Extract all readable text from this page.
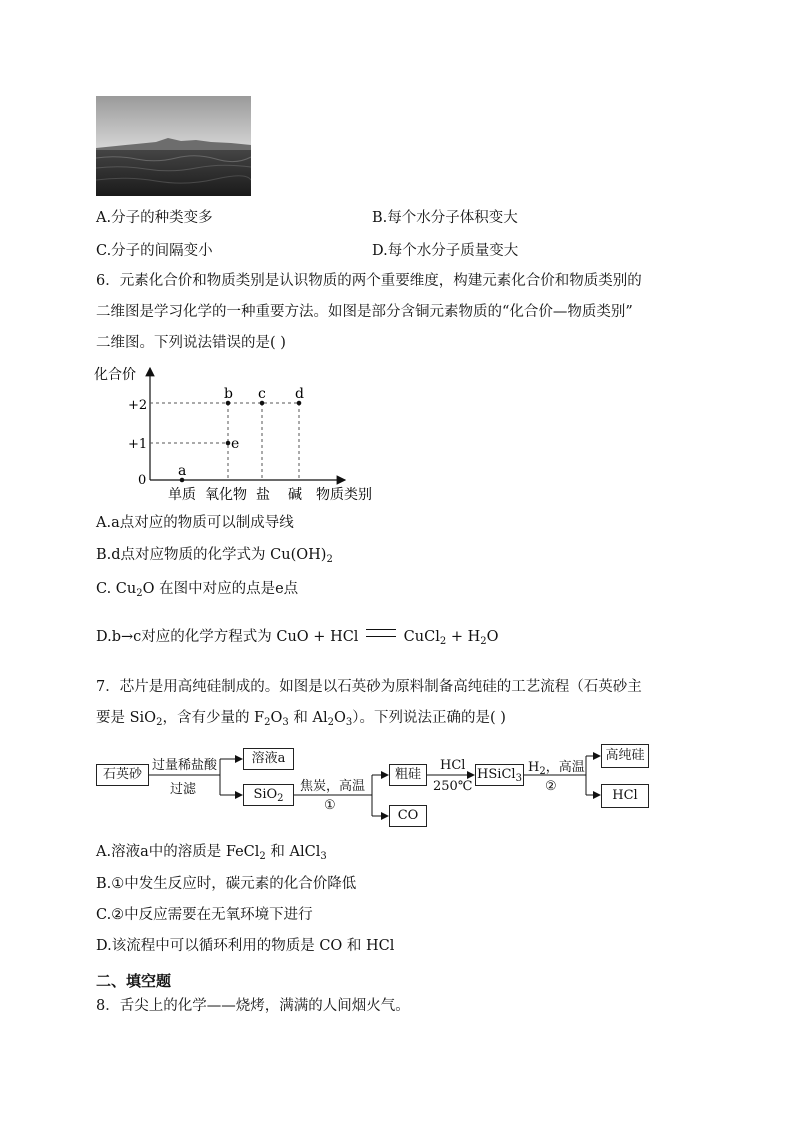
A.分子的种类变多	B.每个水分子体积变大
C.分子的间隔变小	D.每个水分子质量变大
6．元素化合价和物质类别是认识物质的两个重要维度，构建元素化合价和物质类别的
二维图是学习化学的一种重要方法。如图是部分含铜元素物质的“化合价—物质类别”
二维图。下列说法错误的是( )
a
b c d
e
化合价
+2
+1
0
单质 氧化物 盐 碱 物质类别
A.a点对应的物质可以制成导线
B.d点对应物质的化学式为 $Cu(OH)_2$
C. $Cu_2O$ 在图中对应的点是e点
D.b→c对应的化学方程式为 CuO + HCl	CuCl$_2$ + $H_2O$
7．芯片是用高纯硅制成的。如图是以石英砂为原料制备高纯硅的工艺流程（石英砂主
要是 SiO$_2$，含有少量的 $F_2O_3$ 和 $Al_2O_3$）。下列说法正确的是( )
石英砂
过量稀盐酸
过滤
溶液a
SiO$_2$
焦炭，高温
①
粗硅
CO
HCl
250℃
HSiCl$_3$
$H_2$，高温
②
高纯硅
HCl
A.溶液a中的溶质是 FeCl$_2$ 和 AlCl$_3$
B.①中发生反应时，碳元素的化合价降低
C.②中反应需要在无氧环境下进行
D.该流程中可以循环利用的物质是 CO 和 HCl
二、填空题
8．舌尖上的化学——烧烤，满满的人间烟火气。
